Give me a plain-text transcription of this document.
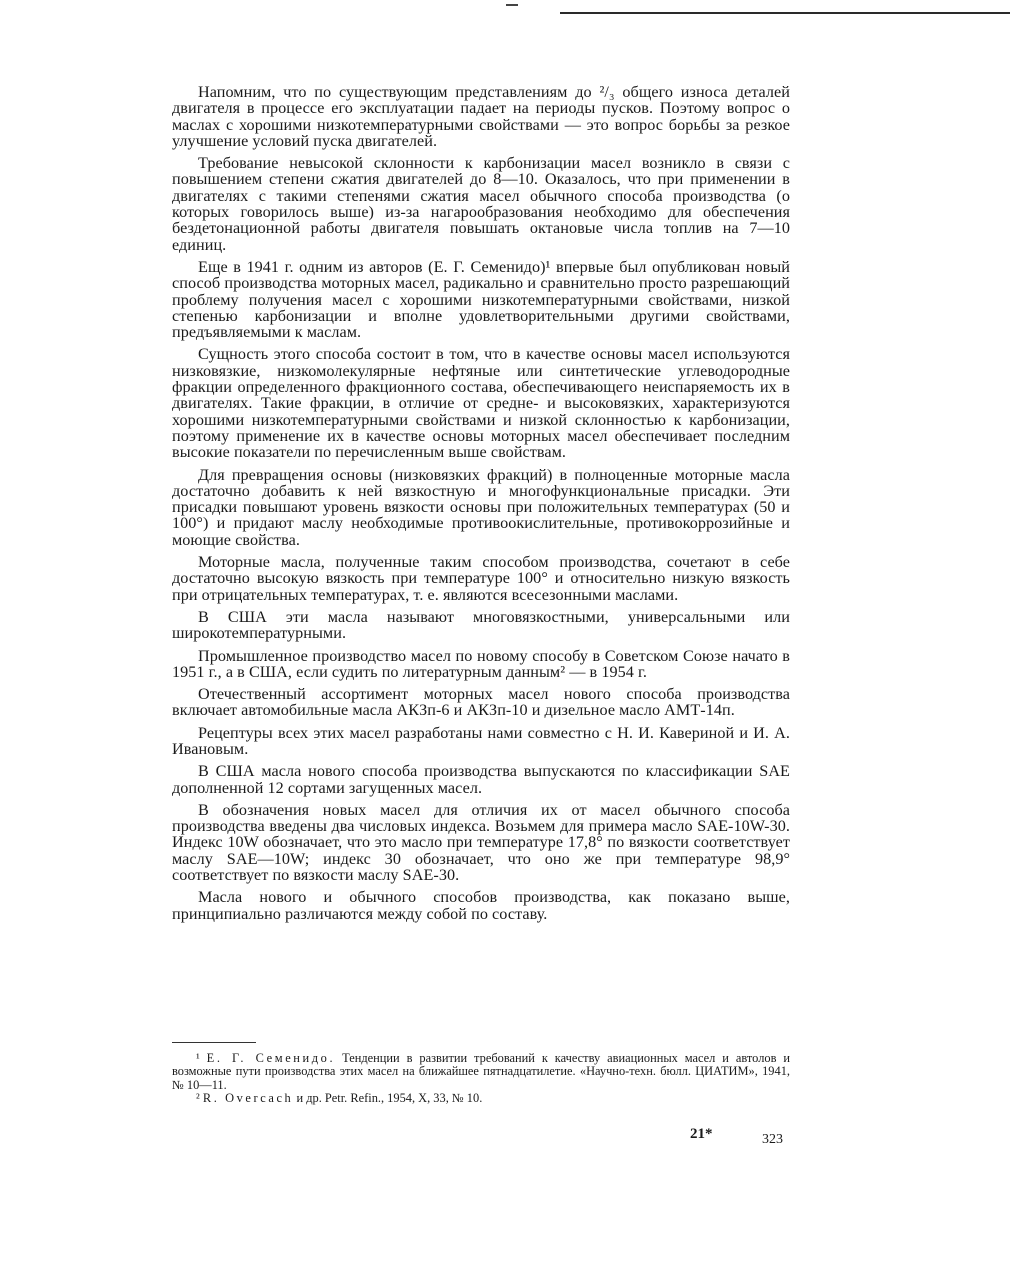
Напомним, что по существующим представлениям до ²/₃ общего износа деталей двигателя в процессе его эксплуатации падает на периоды пусков. Поэтому вопрос о маслах с хорошими низкотемпературными свойствами — это вопрос борьбы за резкое улучшение условий пуска двигателей.

Требование невысокой склонности к карбонизации масел возникло в связи с повышением степени сжатия двигателей до 8—10. Оказалось, что при применении в двигателях с такими степенями сжатия масел обычного способа производства (о которых говорилось выше) из-за нагарообразования необходимо для обеспечения бездетонационной работы двигателя повышать октановые числа топлив на 7—10 единиц.

Еще в 1941 г. одним из авторов (Е. Г. Семенидо)¹ впервые был опубликован новый способ производства моторных масел, радикально и сравнительно просто разрешающий проблему получения масел с хорошими низкотемпературными свойствами, низкой степенью карбонизации и вполне удовлетворительными другими свойствами, предъявляемыми к маслам.

Сущность этого способа состоит в том, что в качестве основы масел используются низковязкие, низкомолекулярные нефтяные или синтетические углеводородные фракции определенного фракционного состава, обеспечивающего неиспаряемость их в двигателях. Такие фракции, в отличие от средне- и высоковязких, характеризуются хорошими низкотемпературными свойствами и низкой склонностью к карбонизации, поэтому применение их в качестве основы моторных масел обеспечивает последним высокие показатели по перечисленным выше свойствам.

Для превращения основы (низковязких фракций) в полноценные моторные масла достаточно добавить к ней вязкостную и многофункциональные присадки. Эти присадки повышают уровень вязкости основы при положительных температурах (50 и 100°) и придают маслу необходимые противоокислительные, противокоррозийные и моющие свойства.

Моторные масла, полученные таким способом производства, сочетают в себе достаточно высокую вязкость при температуре 100° и относительно низкую вязкость при отрицательных температурах, т. е. являются всесезонными маслами.

В США эти масла называют многовязкостными, универсальными или широкотемпературными.

Промышленное производство масел по новому способу в Советском Союзе начато в 1951 г., а в США, если судить по литературным данным² — в 1954 г.

Отечественный ассортимент моторных масел нового способа производства включает автомобильные масла АКЗп-6 и АКЗп-10 и дизельное масло АМТ-14п.

Рецептуры всех этих масел разработаны нами совместно с Н. И. Кавериной и И. А. Ивановым.

В США масла нового способа производства выпускаются по классификации SAE дополненной 12 сортами загущенных масел.

В обозначения новых масел для отличия их от масел обычного способа производства введены два числовых индекса. Возьмем для примера масло SAE-10W-30. Индекс 10W обозначает, что это масло при температуре 17,8° по вязкости соответствует маслу SAE—10W; индекс 30 обозначает, что оно же при температуре 98,9° соответствует по вязкости маслу SAE-30.

Масла нового и обычного способов производства, как показано выше, принципиально различаются между собой по составу.

¹ Е. Г. Семенидо. Тенденции в развитии требований к качеству авиационных масел и автолов и возможные пути производства этих масел на ближайшее пятнадцатилетие. «Научно-техн. бюлл. ЦИАТИМ», 1941, № 10—11.

² R. Overcach и др. Petr. Refin., 1954, X, 33, № 10.

21*	323
